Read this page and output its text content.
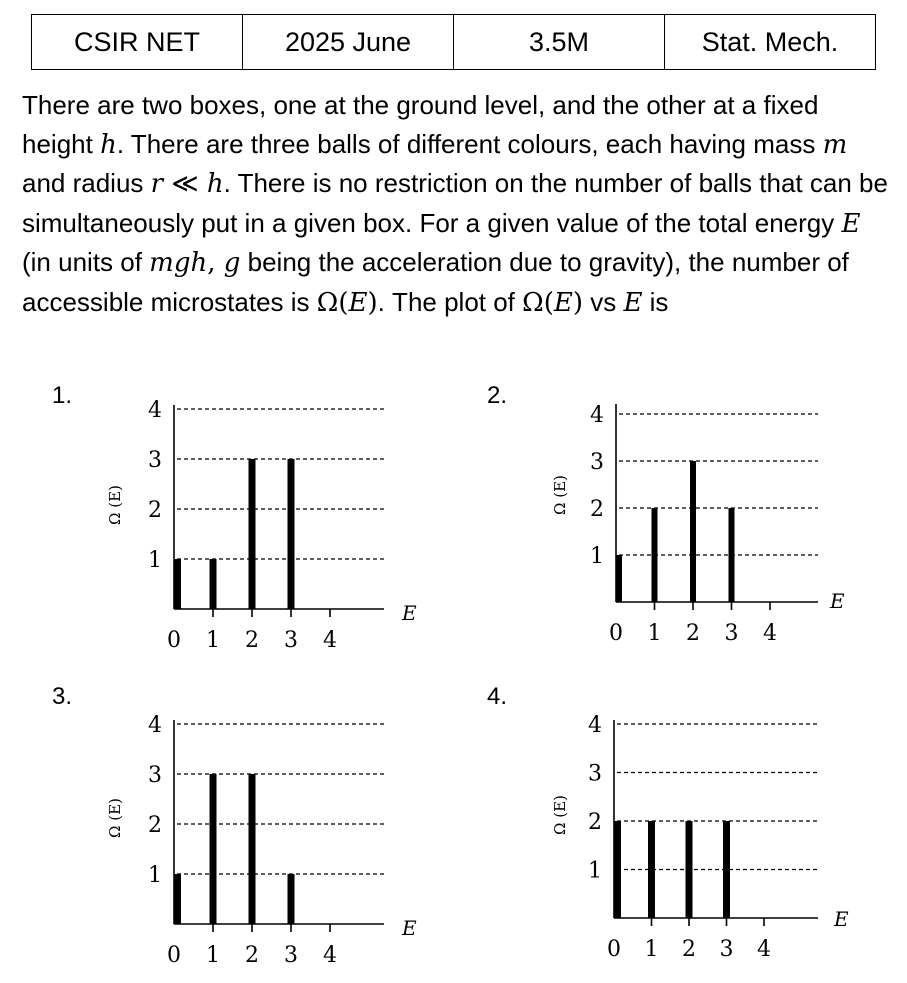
CSIR NET	2025 June	3.5M	Stat. Mech.

There are two boxes, one at the ground level, and the other at a fixed height h. There are three balls of different colours, each having mass m and radius r ≪ h. There is no restriction on the number of balls that can be simultaneously put in a given box. For a given value of the total energy E (in units of mgh, g being the acceleration due to gravity), the number of accessible microstates is Ω(E). The plot of Ω(E) vs E is

1.	2.
3.	4.
1
2
3
4
0 1 2 3 4
E
Ω (E)
1
2
3
4
0 1 2 3 4
E
Ω (E)
1
2
3
4
0 1 2 3 4
E
Ω (E)
1
2
3
4
0 1 2 3 4
E
Ω (E)
